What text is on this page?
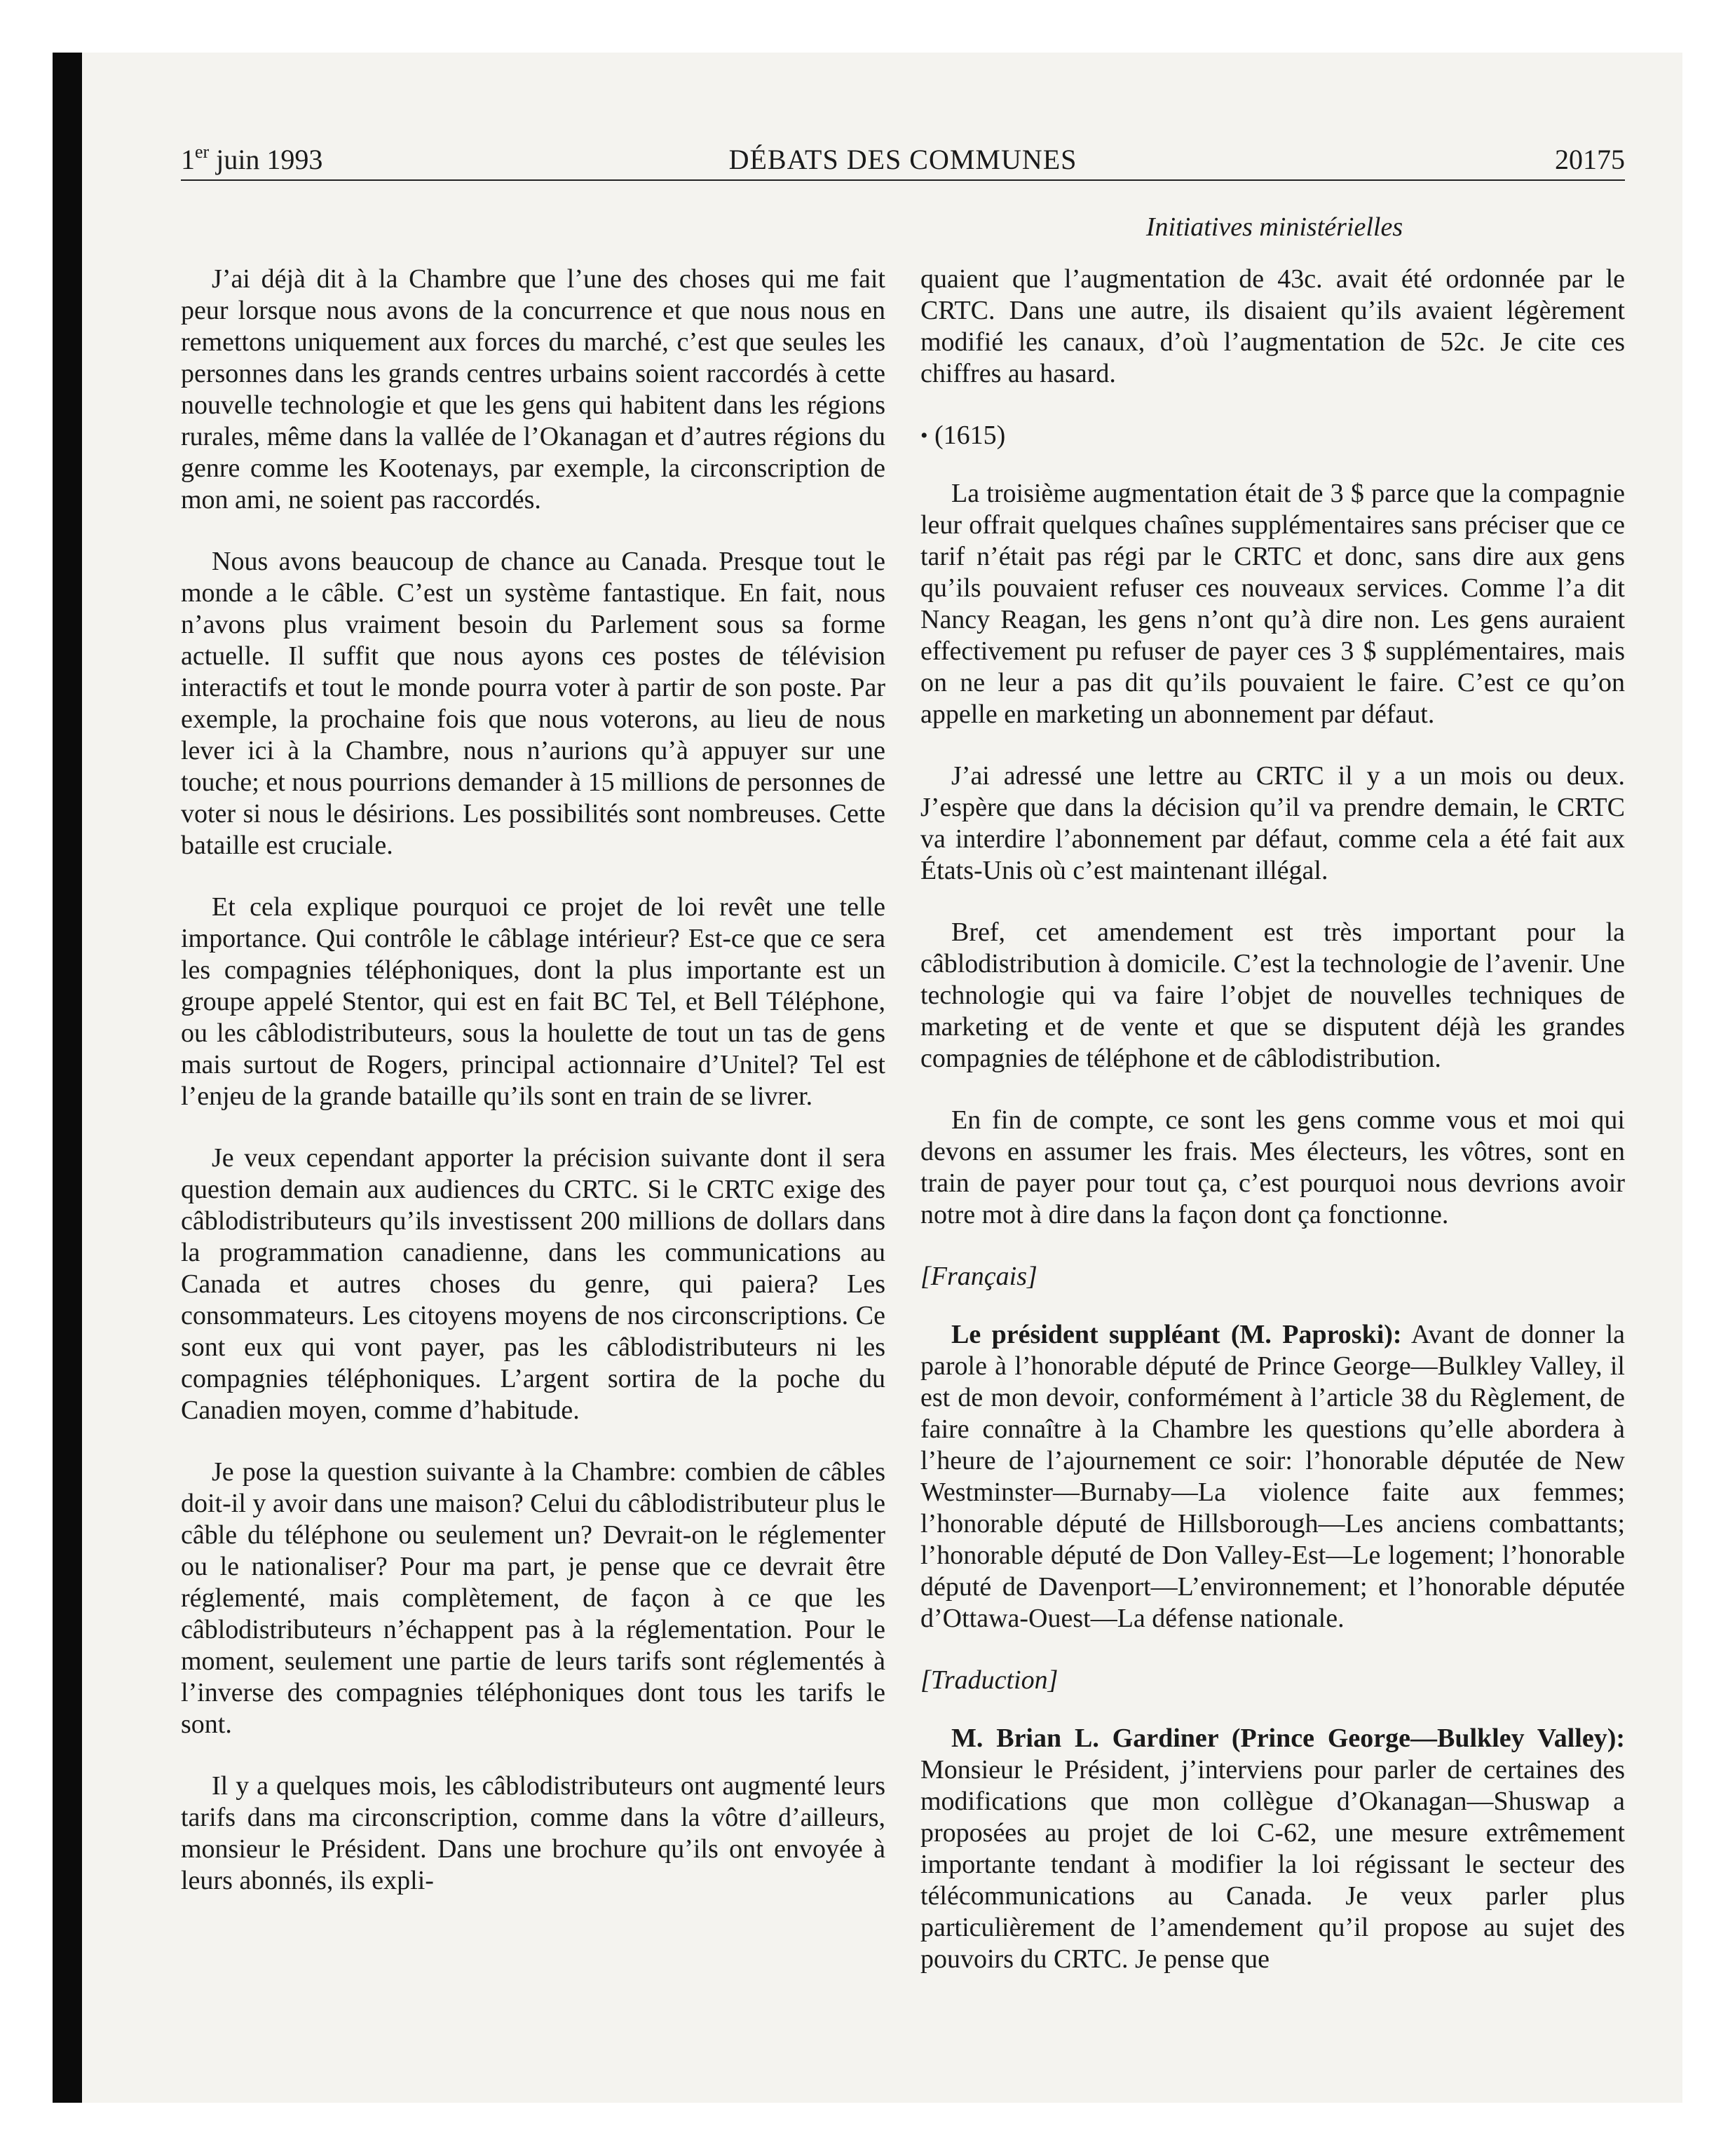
1er juin 1993	DÉBATS DES COMMUNES	20175
Initiatives ministérielles

J’ai déjà dit à la Chambre que l’une des choses qui me fait peur lorsque nous avons de la concurrence et que nous nous en remettons uniquement aux forces du marché, c’est que seules les personnes dans les grands centres urbains soient raccordés à cette nouvelle technologie et que les gens qui habitent dans les régions rurales, même dans la vallée de l’Okanagan et d’autres régions du genre comme les Kootenays, par exemple, la circonscription de mon ami, ne soient pas raccordés.

Nous avons beaucoup de chance au Canada. Presque tout le monde a le câble. C’est un système fantastique. En fait, nous n’avons plus vraiment besoin du Parlement sous sa forme actuelle. Il suffit que nous ayons ces postes de télévision interactifs et tout le monde pourra voter à partir de son poste. Par exemple, la prochaine fois que nous voterons, au lieu de nous lever ici à la Chambre, nous n’aurions qu’à appuyer sur une touche; et nous pourrions demander à 15 millions de personnes de voter si nous le désirions. Les possibilités sont nombreuses. Cette bataille est cruciale.

Et cela explique pourquoi ce projet de loi revêt une telle importance. Qui contrôle le câblage intérieur? Est-ce que ce sera les compagnies téléphoniques, dont la plus importante est un groupe appelé Stentor, qui est en fait BC Tel, et Bell Téléphone, ou les câblodistributeurs, sous la houlette de tout un tas de gens mais surtout de Rogers, principal actionnaire d’Unitel? Tel est l’enjeu de la grande bataille qu’ils sont en train de se livrer.

Je veux cependant apporter la précision suivante dont il sera question demain aux audiences du CRTC. Si le CRTC exige des câblodistributeurs qu’ils investissent 200 millions de dollars dans la programmation canadienne, dans les communications au Canada et autres choses du genre, qui paiera? Les consommateurs. Les citoyens moyens de nos circonscriptions. Ce sont eux qui vont payer, pas les câblodistributeurs ni les compagnies téléphoniques. L’argent sortira de la poche du Canadien moyen, comme d’habitude.

Je pose la question suivante à la Chambre: combien de câbles doit-il y avoir dans une maison? Celui du câblodistributeur plus le câble du téléphone ou seulement un? Devrait-on le réglementer ou le nationaliser? Pour ma part, je pense que ce devrait être réglementé, mais complètement, de façon à ce que les câblodistributeurs n’échappent pas à la réglementation. Pour le moment, seulement une partie de leurs tarifs sont réglementés à l’inverse des compagnies téléphoniques dont tous les tarifs le sont.

Il y a quelques mois, les câblodistributeurs ont augmenté leurs tarifs dans ma circonscription, comme dans la vôtre d’ailleurs, monsieur le Président. Dans une brochure qu’ils ont envoyée à leurs abonnés, ils expli-

quaient que l’augmentation de 43c. avait été ordonnée par le CRTC. Dans une autre, ils disaient qu’ils avaient légèrement modifié les canaux, d’où l’augmentation de 52c. Je cite ces chiffres au hasard.

• (1615)

La troisième augmentation était de 3 $ parce que la compagnie leur offrait quelques chaînes supplémentaires sans préciser que ce tarif n’était pas régi par le CRTC et donc, sans dire aux gens qu’ils pouvaient refuser ces nouveaux services. Comme l’a dit Nancy Reagan, les gens n’ont qu’à dire non. Les gens auraient effectivement pu refuser de payer ces 3 $ supplémentaires, mais on ne leur a pas dit qu’ils pouvaient le faire. C’est ce qu’on appelle en marketing un abonnement par défaut.

J’ai adressé une lettre au CRTC il y a un mois ou deux. J’espère que dans la décision qu’il va prendre demain, le CRTC va interdire l’abonnement par défaut, comme cela a été fait aux États-Unis où c’est maintenant illégal.

Bref, cet amendement est très important pour la câblodistribution à domicile. C’est la technologie de l’avenir. Une technologie qui va faire l’objet de nouvelles techniques de marketing et de vente et que se disputent déjà les grandes compagnies de téléphone et de câblodistribution.

En fin de compte, ce sont les gens comme vous et moi qui devons en assumer les frais. Mes électeurs, les vôtres, sont en train de payer pour tout ça, c’est pourquoi nous devrions avoir notre mot à dire dans la façon dont ça fonctionne.

[Français]

Le président suppléant (M. Paproski): Avant de donner la parole à l’honorable député de Prince George—Bulkley Valley, il est de mon devoir, conformément à l’article 38 du Règlement, de faire connaître à la Chambre les questions qu’elle abordera à l’heure de l’ajournement ce soir: l’honorable députée de New Westminster—Burnaby—La violence faite aux femmes; l’honorable député de Hillsborough—Les anciens combattants; l’honorable député de Don Valley-Est—Le logement; l’honorable député de Davenport—L’environnement; et l’honorable députée d’Ottawa-Ouest—La défense nationale.

[Traduction]

M. Brian L. Gardiner (Prince George—Bulkley Valley): Monsieur le Président, j’interviens pour parler de certaines des modifications que mon collègue d’Okanagan—Shuswap a proposées au projet de loi C-62, une mesure extrêmement importante tendant à modifier la loi régissant le secteur des télécommunications au Canada. Je veux parler plus particulièrement de l’amendement qu’il propose au sujet des pouvoirs du CRTC. Je pense que
